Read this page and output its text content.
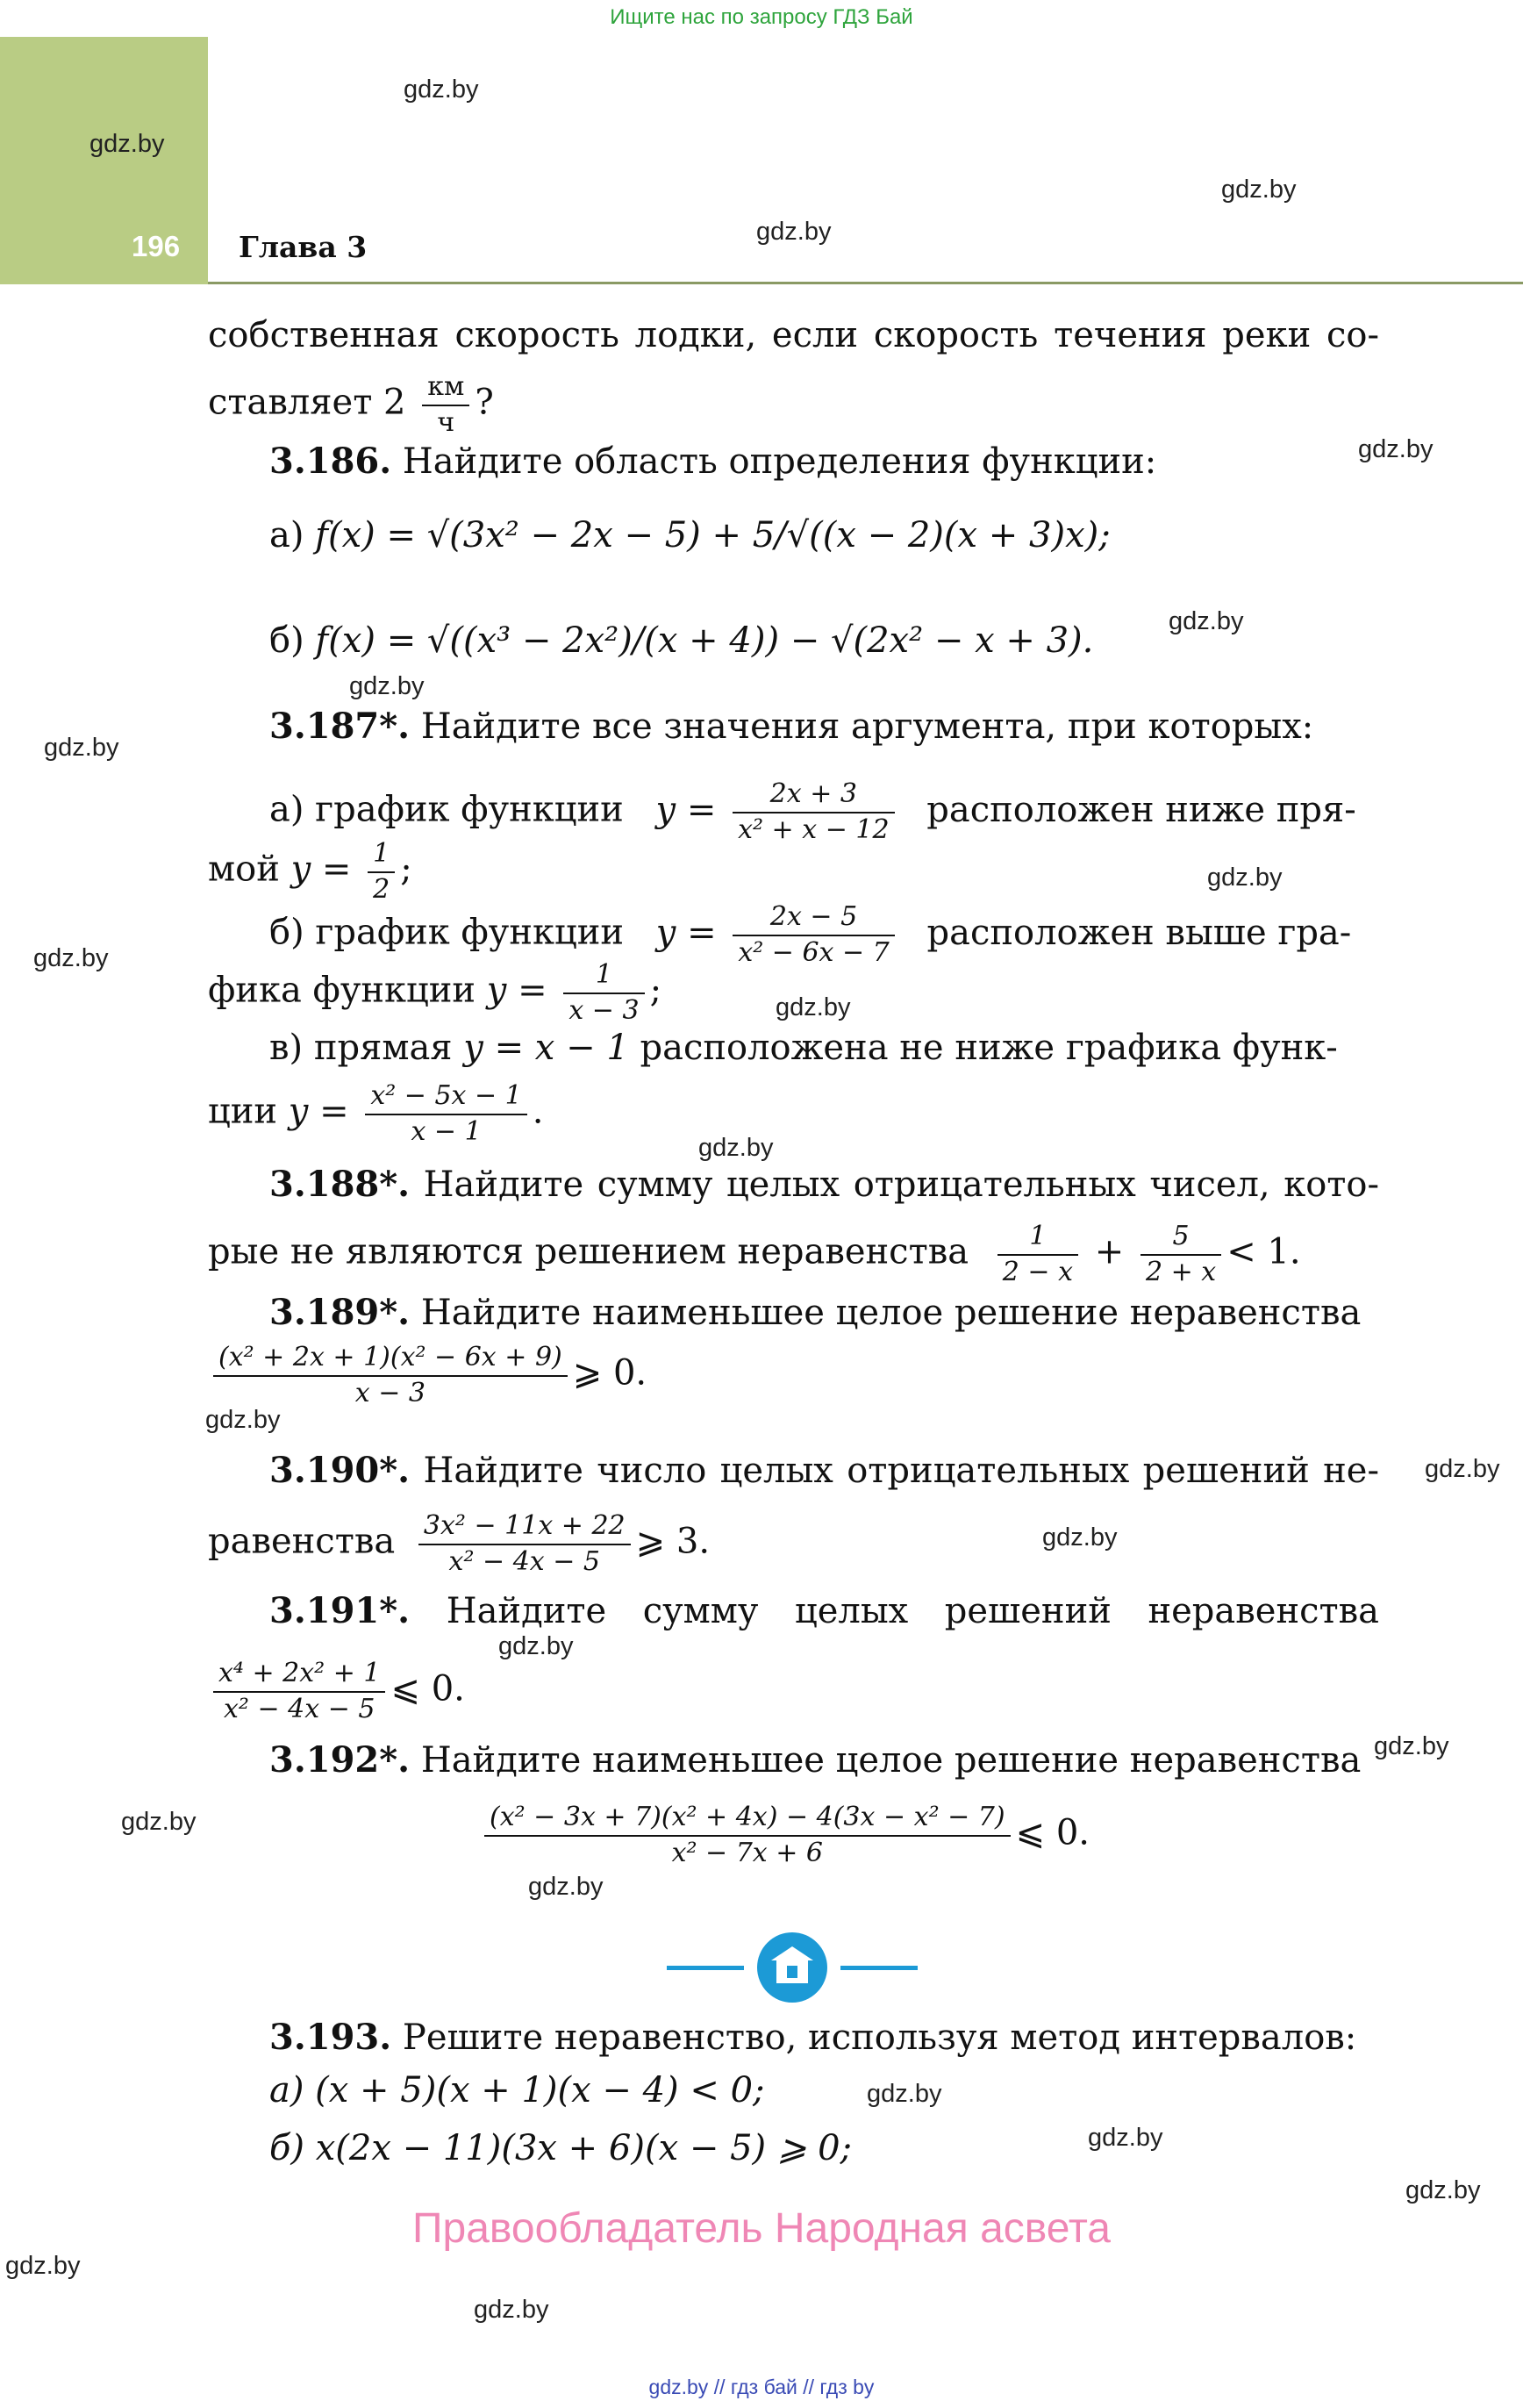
Ищите нас по запросу ГДЗ Бай
196 Глава 3
gdz.by
gdz.by
gdz.by
gdz.by
gdz.by
gdz.by
gdz.by
gdz.by
gdz.by
gdz.by
gdz.by
gdz.by
gdz.by
gdz.by
gdz.by
gdz.by
gdz.by
gdz.by
gdz.by
gdz.by
gdz.by
gdz.by
gdz.by
gdz.by
собственная скорость лодки, если скорость течения реки со-
ставляет $2 \frac{км}{ч}$ ?
3.186. Найдите область определения функции:
а) f(x) = √(3x² − 2x − 5) + 5/√((x − 2)(x + 3)x);
б) f(x) = √((x³ − 2x²)/(x + 4)) − √(2x² − x + 3).
3.187*. Найдите все значения аргумента, при которых:
а) график функции $y = \frac{2x + 3}{\text{x² + x − 12}}$ расположен ниже пря-
мой $y = \frac{1}{2}$ ;
б) график функции $y = \frac{2x - 5}{\text{x² − 6x − 7}}$ расположен выше гра-
фика функции $y = \frac{1}{x - 3}$ ;
в) прямая y = x − 1 расположена не ниже графика функ-
ции $y = \frac{\text{x² − 5x − 1}}{x - 1}$ .
3.188*. Найдите сумму целых отрицательных чисел, кото-
рые не являются решением неравенства $\frac{1}{2 - x} + \frac{5}{2 + x} < 1$.
3.189*. Найдите наименьшее целое решение неравенства
$\frac{\text{(x² + 2x + 1)(x² − 6x + 9)}}{x - 3}$ ⩾ 0.
3.190*. Найдите число целых отрицательных решений не-
равенства $\frac{\text{3x² − 11x + 22}}{\text{x² − 4x − 5}}$ ⩾ 3.
3.191*. Найдите сумму целых решений неравенства
$\frac{\text{x⁴ + 2x² + 1}}{\text{x² − 4x − 5}}$ ⩽ 0.
3.192*. Найдите наименьшее целое решение неравенства
$\frac{\text{(x² − 3x + 7)(x² + 4x) − 4(3x − x² − 7)}}{\text{x² − 7x + 6}}$ ⩽ 0.
3.193. Решите неравенство, используя метод интервалов:
а) (x + 5)(x + 1)(x − 4) < 0;
б) x(2x − 11)(3x + 6)(x − 5) ⩾ 0;
Правообладатель Народная асвета
gdz.by // гдз бай // гдз by
